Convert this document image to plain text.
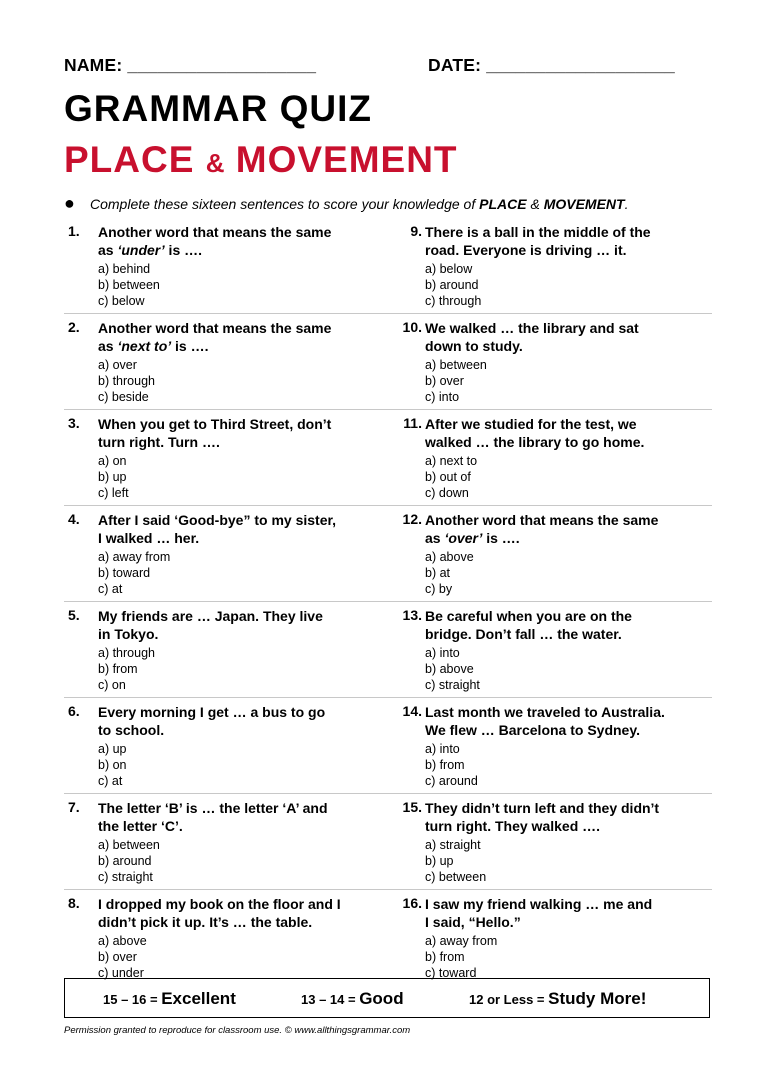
NAME: ___________________	DATE: ___________________
GRAMMAR QUIZ
PLACE & MOVEMENT
● Complete these sixteen sentences to score your knowledge of PLACE & MOVEMENT.
1.	Another word that means the same
as ‘under’ is ….
a) behind
b) between
c) below
9. There is a ball in the middle of the
road. Everyone is driving … it.
a) below
b) around
c) through
2.	Another word that means the same
as ‘next to’ is ….
a) over
b) through
c) beside
10. We walked … the library and sat
down to study.
a) between
b) over
c) into
3.	When you get to Third Street, don’t
turn right. Turn ….
a) on
b) up
c) left
11. After we studied for the test, we
walked … the library to go home.
a) next to
b) out of
c) down
4.	After I said ‘Good-bye” to my sister,
I walked … her.
a) away from
b) toward
c) at
12. Another word that means the same
as ‘over’ is ….
a) above
b) at
c) by
5.	My friends are … Japan. They live
in Tokyo.
a) through
b) from
c) on
13. Be careful when you are on the
bridge. Don’t fall … the water.
a) into
b) above
c) straight
6.	Every morning I get … a bus to go
to school.
a) up
b) on
c) at
14. Last month we traveled to Australia.
We flew … Barcelona to Sydney.
a) into
b) from
c) around
7.	The letter ‘B’ is … the letter ‘A’ and
the letter ‘C’.
a) between
b) around
c) straight
15. They didn’t turn left and they didn’t
turn right. They walked ….
a) straight
b) up
c) between
8.	I dropped my book on the floor and I
didn’t pick it up. It’s … the table.
a) above
b) over
c) under
16. I saw my friend walking … me and
I said, “Hello.”
a) away from
b) from
c) toward
15 – 16 = Excellent	13 – 14 = Good	12 or Less = Study More!
Permission granted to reproduce for classroom use. © www.allthingsgrammar.com
